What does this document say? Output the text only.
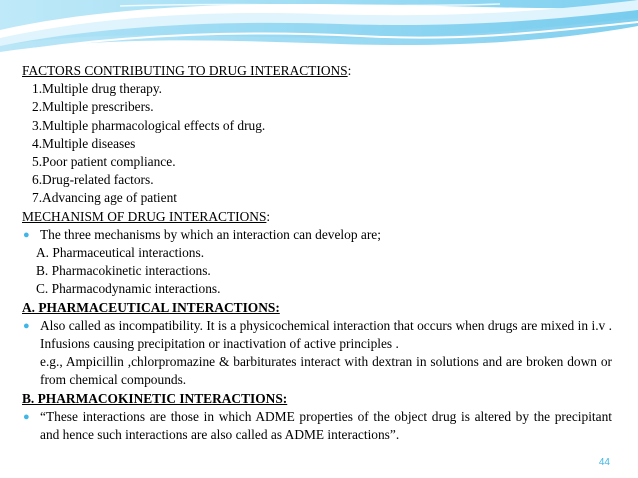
FACTORS CONTRIBUTING TO DRUG INTERACTIONS:
1.Multiple drug therapy.
2.Multiple prescribers.
3.Multiple pharmacological effects of drug.
4.Multiple diseases
5.Poor patient compliance.
6.Drug-related factors.
7.Advancing age of patient
MECHANISM OF DRUG INTERACTIONS:
● The three mechanisms by which an interaction can develop are;
A. Pharmaceutical interactions.
B. Pharmacokinetic interactions.
C. Pharmacodynamic interactions.
A. PHARMACEUTICAL INTERACTIONS:
● Also called as incompatibility. It is a physicochemical interaction that occurs when drugs are mixed in i.v . Infusions causing precipitation or inactivation of active principles .
e.g., Ampicillin ,chlorpromazine & barbiturates interact with dextran in solutions and are broken down or from chemical compounds.
B. PHARMACOKINETIC INTERACTIONS:
● “These interactions are those in which ADME properties of the object drug is altered by the precipitant and hence such interactions are also called as ADME interactions”.
44
